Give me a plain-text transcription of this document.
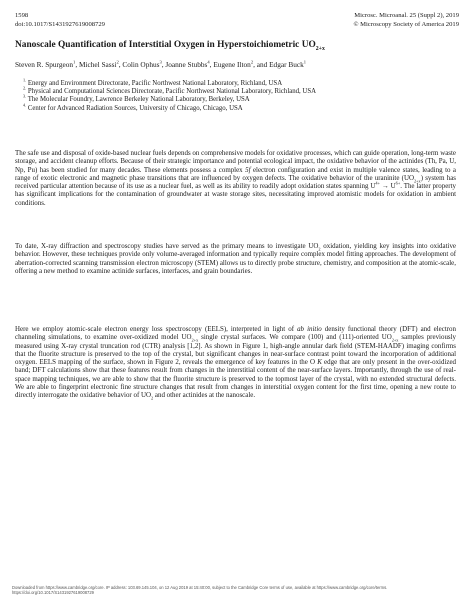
1598
doi:10.1017/S1431927619008729
Microsc. Microanal. 25 (Suppl 2), 2019
© Microscopy Society of America 2019
Nanoscale Quantification of Interstitial Oxygen in Hyperstoichiometric $UO_{2+x}$
Steven R. Spurgeon$^1$, Michel Sassi$^2$, Colin Ophus$^3$, Joanne Stubbs$^4$, Eugene Ilton$^2$, and Edgar Buck$^1$
$^{1.}$ Energy and Environment Directorate, Pacific Northwest National Laboratory, Richland, USA
$^{2.}$ Physical and Computational Sciences Directorate, Pacific Northwest National Laboratory, Richland, USA
$^{3.}$ The Molecular Foundry, Lawrence Berkeley National Laboratory, Berkeley, USA
$^{4.}$ Center for Advanced Radiation Sources, University of Chicago, Chicago, USA
The safe use and disposal of oxide-based nuclear fuels depends on comprehensive models for oxidative processes, which can guide operation, long-term waste storage, and accident cleanup efforts. Because of their strategic importance and potential ecological impact, the oxidative behavior of the actinides (Th, Pa, U, Np, Pu) has been studied for many decades. These elements possess a complex 5f electron configuration and exist in multiple valence states, leading to a range of exotic electronic and magnetic phase transitions that are influenced by oxygen defects. The oxidative behavior of the uraninite $(UO_{2+x})$ system has received particular attention because of its use as a nuclear fuel, as well as its ability to readily adopt oxidation states spanning $U^{4+} \to U^{6+}$. The latter property has significant implications for the contamination of groundwater at waste storage sites, necessitating improved atomistic models for oxidation in ambient conditions.
To date, X-ray diffraction and spectroscopy studies have served as the primary means to investigate $UO_2$ oxidation, yielding key insights into oxidative behavior. However, these techniques provide only volume-averaged information and typically require complex model fitting approaches. The development of aberration-corrected scanning transmission electron microscopy (STEM) allows us to directly probe structure, chemistry, and composition at the atomic-scale, offering a new method to examine actinide surfaces, interfaces, and grain boundaries.
Here we employ atomic-scale electron energy loss spectroscopy (EELS), interpreted in light of ab initio density functional theory (DFT) and electron channeling simulations, to examine over-oxidized model $UO_{2+x}$ single crystal surfaces. We compare (100) and (111)-oriented $UO_{2+x}$ samples previously measured using X-ray crystal truncation rod (CTR) analysis [1,2]. As shown in Figure 1, high-angle annular dark field (STEM-HAADF) imaging confirms that the fluorite structure is preserved to the top of the crystal, but significant changes in near-surface contrast point toward the incorporation of additional oxygen. EELS mapping of the surface, shown in Figure 2, reveals the emergence of key features in the O K edge that are only present in the over-oxidized band; DFT calculations show that these features result from changes in the interstitial content of the near-surface layers. Importantly, through the use of real-space mapping techniques, we are able to show that the fluorite structure is preserved to the topmost layer of the crystal, with no extended structural defects. We are able to fingerprint electronic fine structure changes that result from changes in interstitial oxygen content for the first time, opening a new route to directly interrogate the oxidative behavior of $UO_2$ and other actinides at the nanoscale.
Downloaded from https://www.cambridge.org/core. IP address: 103.69.145.104, on 12 Aug 2019 at 15:40:00, subject to the Cambridge Core terms of use, available at https://www.cambridge.org/core/terms.
https://doi.org/10.1017/S1431927619008729
